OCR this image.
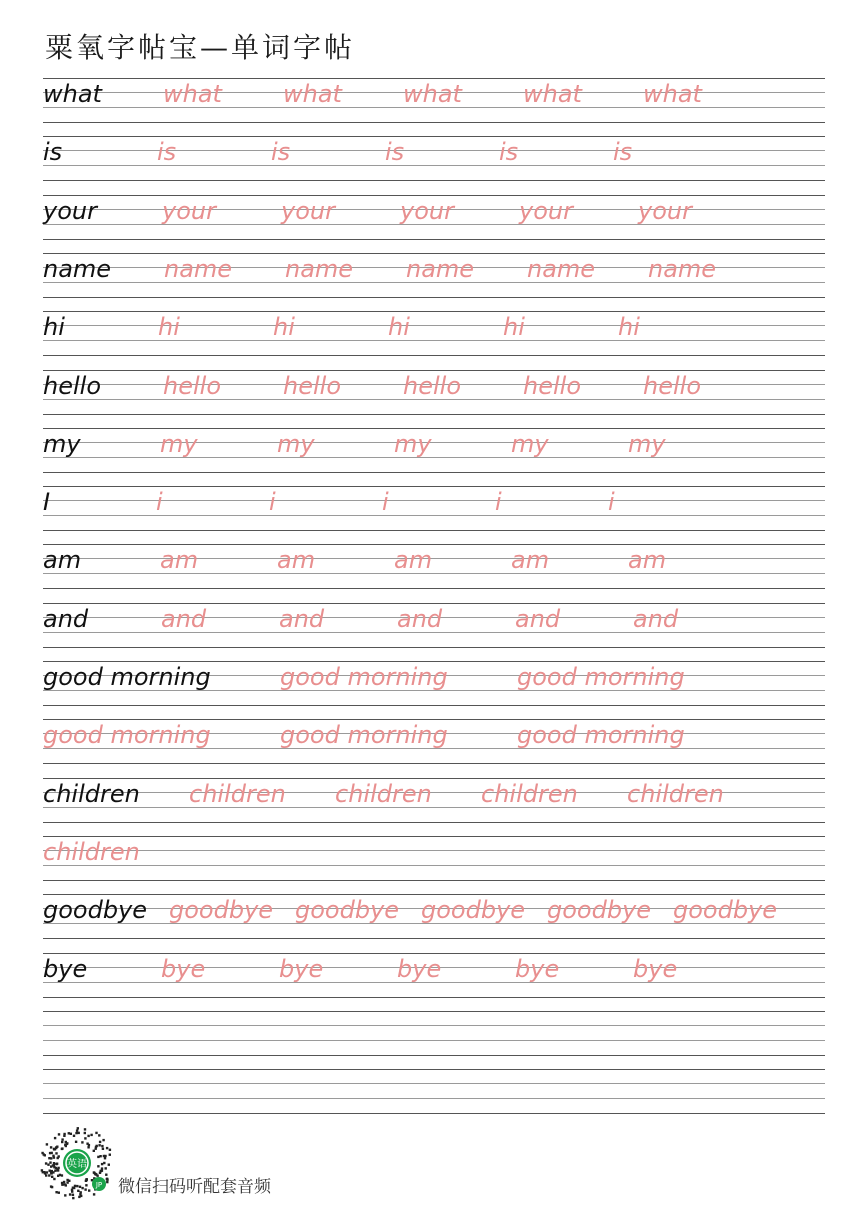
粟氧字帖宝—单词字帖
what	what	what	what	what	what
is	is	is	is	is	is
your	your	your	your	your	your
name name name name name name
hi	hi	hi	hi	hi	hi
hello	hello	hello	hello	hello	hello
my	my	my	my	my	my
I	i	i	i	i	i
am	am	am	am	am	am
and	and	and	and	and	and
good morning	good morning	good morning
good morning	good morning	good morning
children children children children children
children
goodbye goodbye goodbye goodbye goodbye goodbye
bye	bye	bye	bye	bye	bye
英语
JP 微信扫码听配套音频
